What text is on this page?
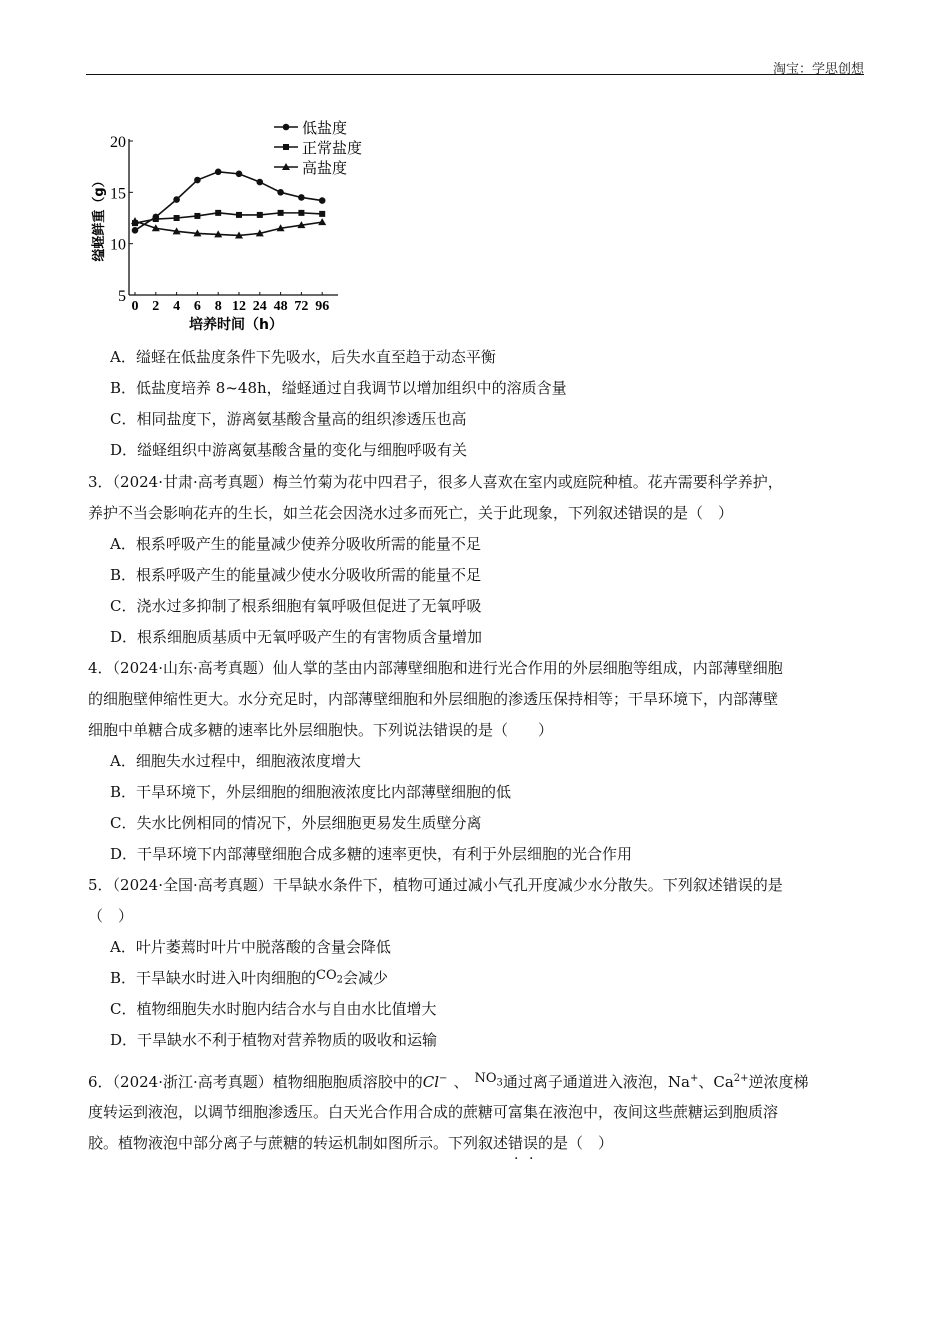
淘宝：学思创想
20
15
10
5
0 2 4 6 8 12 24 48 72 96
培养时间（h）
缢蛏鲜重（g）
低盐度
正常盐度
高盐度
A．缢蛏在低盐度条件下先吸水，后失水直至趋于动态平衡
B．低盐度培养 8~48h，缢蛏通过自我调节以增加组织中的溶质含量
C．相同盐度下，游离氨基酸含量高的组织渗透压也高
D．缢蛏组织中游离氨基酸含量的变化与细胞呼吸有关
3．（2024·甘肃·高考真题）梅兰竹菊为花中四君子，很多人喜欢在室内或庭院种植。花卉需要科学养护，
养护不当会影响花卉的生长，如兰花会因浇水过多而死亡，关于此现象，下列叙述错误的是（　）
A．根系呼吸产生的能量减少使养分吸收所需的能量不足
B．根系呼吸产生的能量减少使水分吸收所需的能量不足
C．浇水过多抑制了根系细胞有氧呼吸但促进了无氧呼吸
D．根系细胞质基质中无氧呼吸产生的有害物质含量增加
4．（2024·山东·高考真题）仙人掌的茎由内部薄壁细胞和进行光合作用的外层细胞等组成，内部薄壁细胞
的细胞壁伸缩性更大。水分充足时，内部薄壁细胞和外层细胞的渗透压保持相等；干旱环境下，内部薄壁
细胞中单糖合成多糖的速率比外层细胞快。下列说法错误的是（　　）
A．细胞失水过程中，细胞液浓度增大
B．干旱环境下，外层细胞的细胞液浓度比内部薄壁细胞的低
C．失水比例相同的情况下，外层细胞更易发生质壁分离
D．干旱环境下内部薄壁细胞合成多糖的速率更快，有利于外层细胞的光合作用
5．（2024·全国·高考真题）干旱缺水条件下，植物可通过减小气孔开度减少水分散失。下列叙述错误的是
（　）
A．叶片萎蔫时叶片中脱落酸的含量会降低
B．干旱缺水时进入叶肉细胞的$CO_2$会减少
C．植物细胞失水时胞内结合水与自由水比值增大
D．干旱缺水不利于植物对营养物质的吸收和运输
6．（2024·浙江·高考真题）植物细胞胞质溶胶中的Cl− 、 $NO_3$通过离子通道进入液泡，Na+、$Ca^{2+}$逆浓度梯
度转运到液泡，以调节细胞渗透压。白天光合作用合成的蔗糖可富集在液泡中，夜间这些蔗糖运到胞质溶
胶。植物液泡中部分离子与蔗糖的转运机制如图所示。下列叙述错误的是（　）
